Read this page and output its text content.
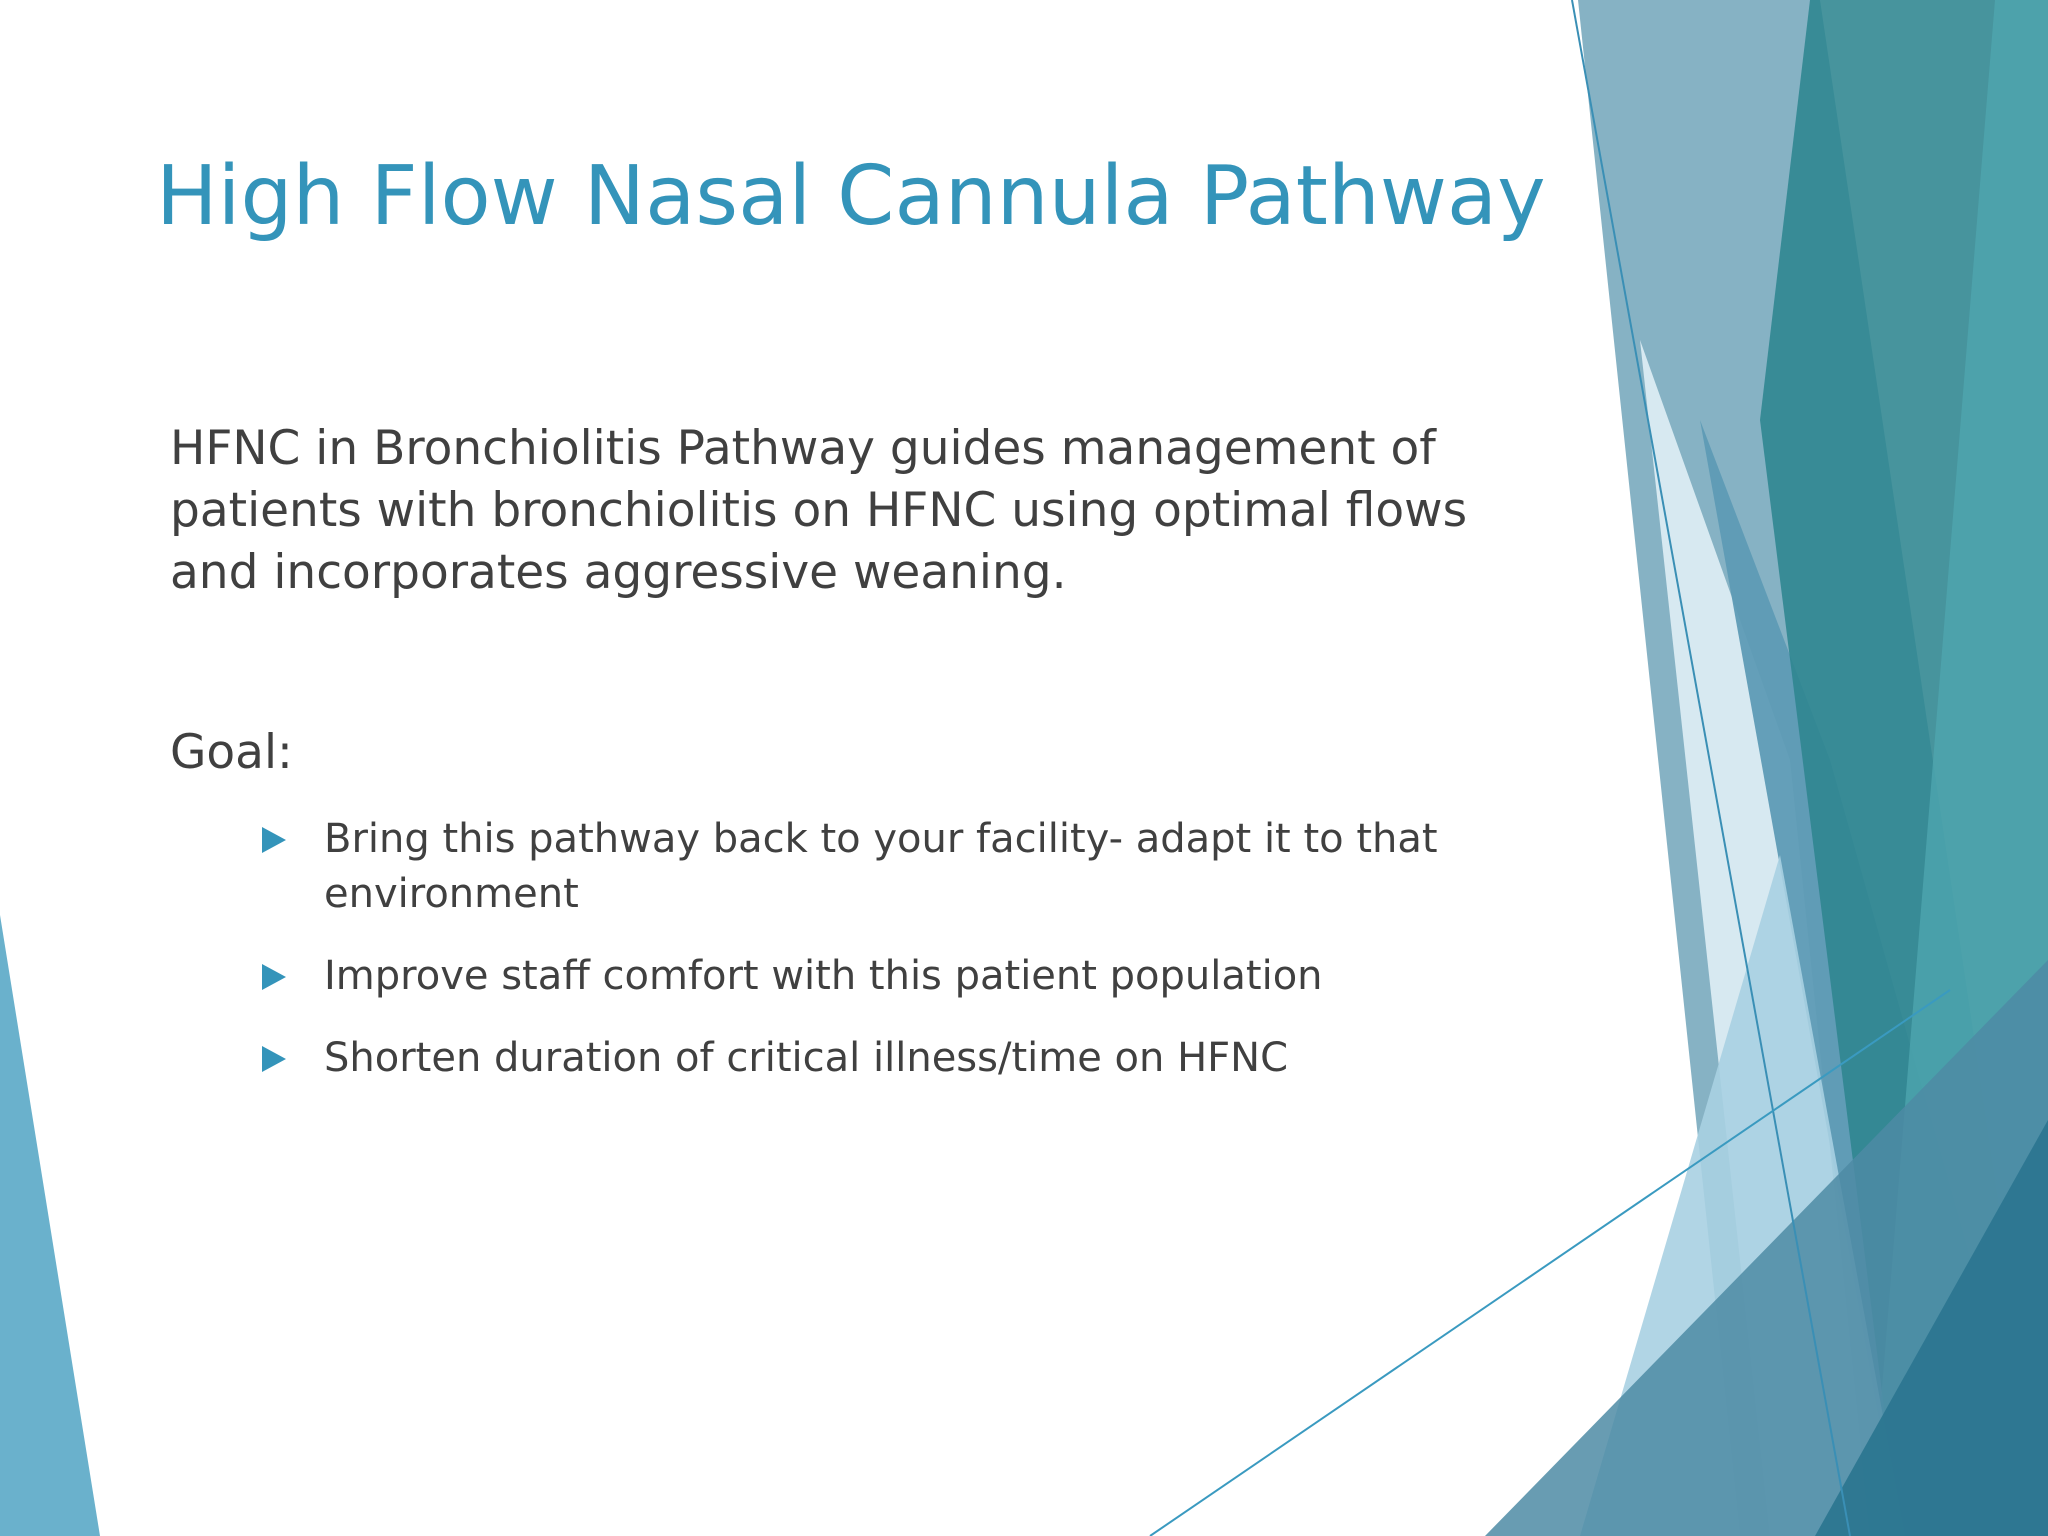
High Flow Nasal Cannula Pathway

HFNC in Bronchiolitis Pathway guides management of patients with bronchiolitis on HFNC using optimal flows and incorporates aggressive weaning.

Goal:

Bring this pathway back to your facility- adapt it to that environment
Improve staff comfort with this patient population
Shorten duration of critical illness/time on HFNC
